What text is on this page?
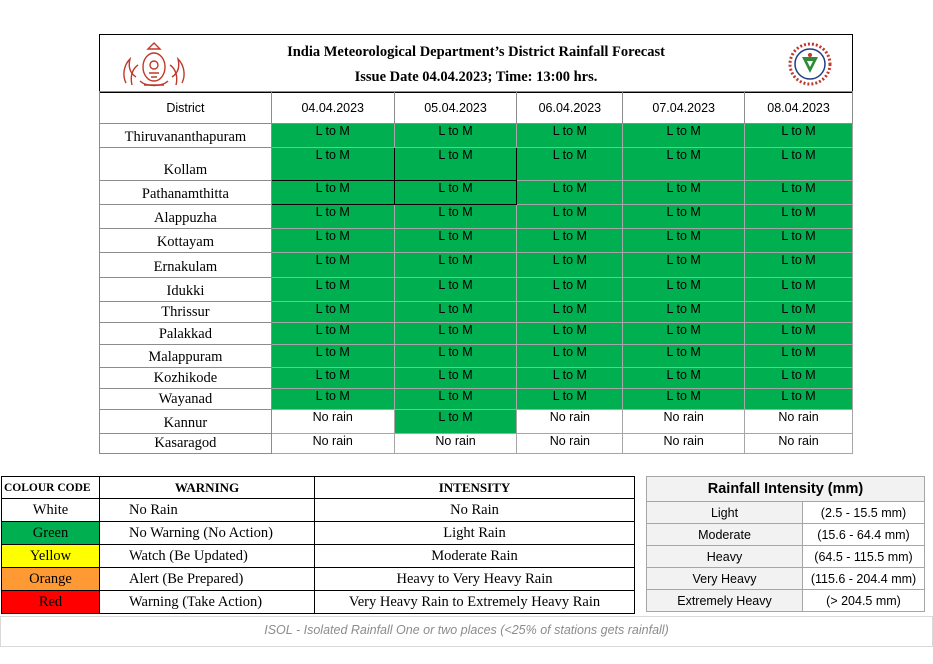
India Meteorological Department’s District Rainfall Forecast
Issue Date 04.04.2023; Time: 13:00 hrs.
District	04.04.2023	05.04.2023	06.04.2023	07.04.2023	08.04.2023
Thiruvananthapuram	L to M	L to M	L to M	L to M	L to M
Kollam	L to M	L to M	L to M	L to M	L to M
Pathanamthitta	L to M	L to M	L to M	L to M	L to M
Alappuzha	L to M	L to M	L to M	L to M	L to M
Kottayam	L to M	L to M	L to M	L to M	L to M
Ernakulam	L to M	L to M	L to M	L to M	L to M
Idukki	L to M	L to M	L to M	L to M	L to M
Thrissur	L to M	L to M	L to M	L to M	L to M
Palakkad	L to M	L to M	L to M	L to M	L to M
Malappuram	L to M	L to M	L to M	L to M	L to M
Kozhikode	L to M	L to M	L to M	L to M	L to M
Wayanad	L to M	L to M	L to M	L to M	L to M
Kannur	No rain	L to M	No rain	No rain	No rain
Kasaragod	No rain	No rain	No rain	No rain	No rain
COLOUR CODE	WARNING	INTENSITY
White	No Rain	No Rain
Green	No Warning (No Action)	Light Rain
Yellow	Watch (Be Updated)	Moderate Rain
Orange	Alert (Be Prepared)	Heavy to Very Heavy Rain
Red	Warning (Take Action)	Very Heavy Rain to Extremely Heavy Rain
Rainfall Intensity (mm)	
Light	(2.5 - 15.5 mm)
Moderate	(15.6 - 64.4 mm)
Heavy	(64.5 - 115.5 mm)
Very Heavy	(115.6 - 204.4 mm)
Extremely Heavy	(> 204.5 mm)
ISOL - Isolated Rainfall One or two places (<25% of stations gets rainfall)
